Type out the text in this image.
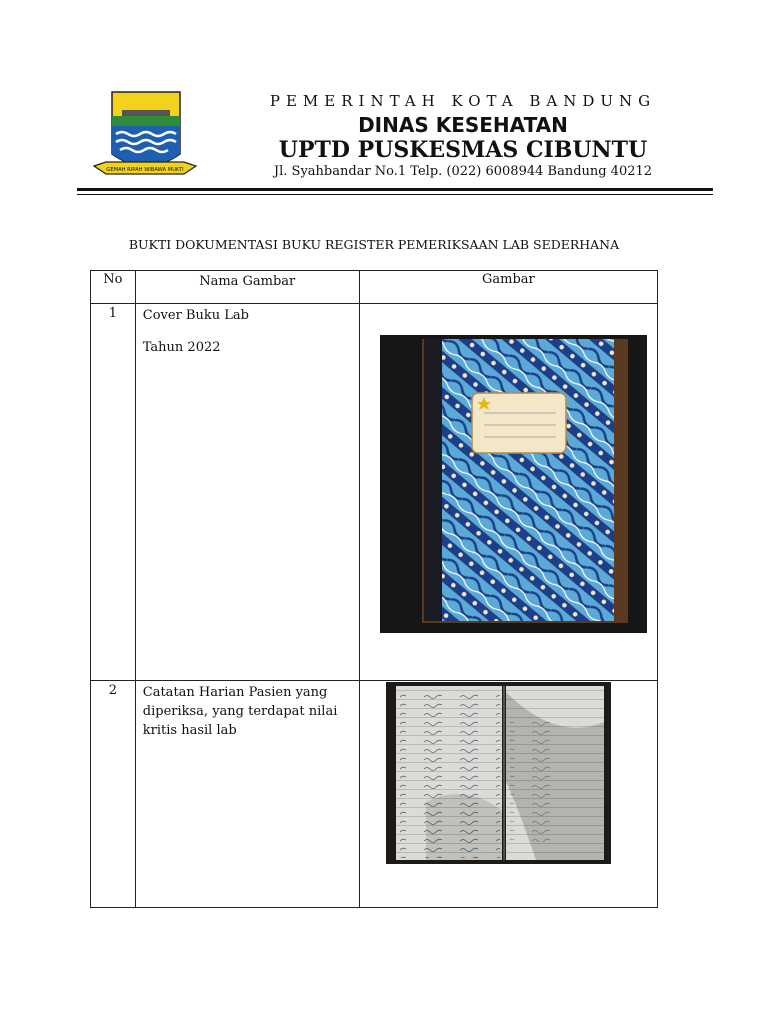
GEMAH RIPAH WIBAWA MUKTI
PEMERINTAH KOTA BANDUNG
DINAS KESEHATAN
UPTD PUSKESMAS CIBUNTU
Jl. Syahbandar No.1 Telp. (022) 6008944 Bandung 40212
BUKTI DOKUMENTASI BUKU REGISTER PEMERIKSAAN LAB SEDERHANA
No	Nama Gambar	Gambar
1	Cover Buku Lab

Tahun 2022

2	Catatan Harian Pasien yang diperiksa, yang terdapat nilai kritis hasil lab
